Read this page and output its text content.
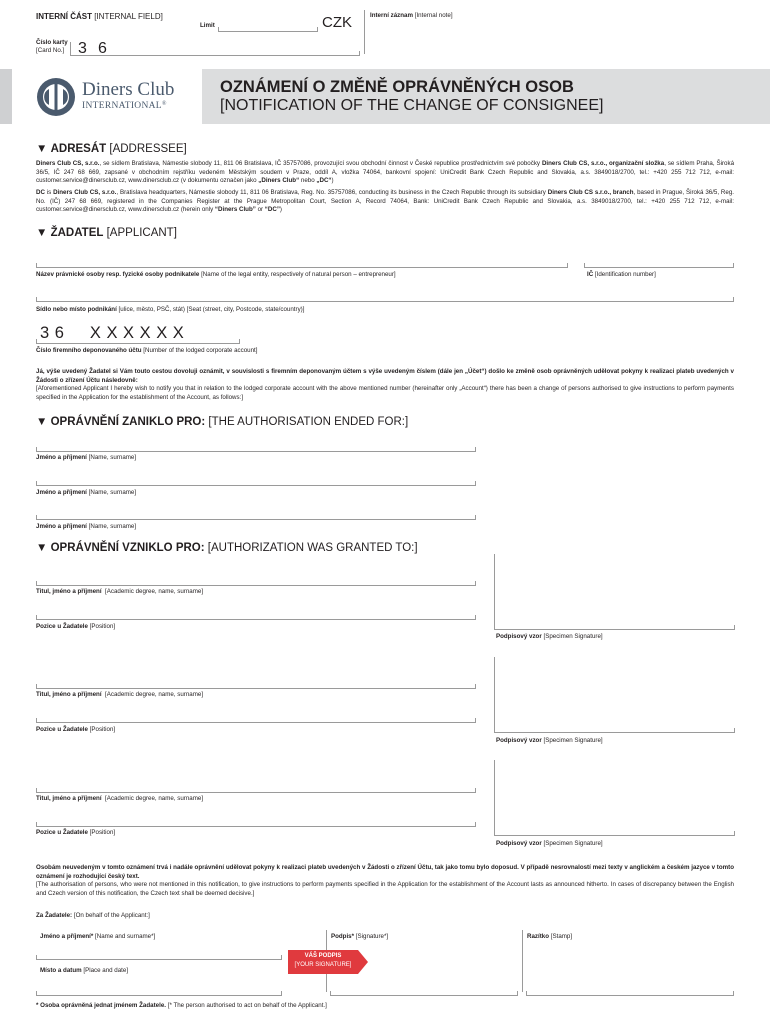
INTERNÍ ČÁST [INTERNAL FIELD]
Limit	CZK	Interní záznam [Internal note]
Číslo karty
[Card No.] 3 6
Diners Club
INTERNATIONAL®
OZNÁMENÍ O ZMĚNĚ OPRÁVNĚNÝCH OSOB
[NOTIFICATION OF THE CHANGE OF CONSIGNEE]
▼ ADRESÁT [ADDRESSEE]
Diners Club CS, s.r.o., se sídlem Bratislava, Námestie slobody 11, 811 06 Bratislava, IČ 35757086, provozující svou obchodní činnost v České republice prostřednictvím své pobočky Diners Club CS, s.r.o., organizační složka, se sídlem Praha, Široká 36/5, IČ 247 68 669, zapsané v obchodním rejstříku vedeném Městským soudem v Praze, oddíl A, vložka 74064, bankovní spojení: UniCredit Bank Czech Republic and Slovakia, a.s. 3849018/2700, tel.: +420 255 712 712, e-mail: customer.service@dinersclub.cz, www.dinersclub.cz (v dokumentu označen jako „Diners Club“ nebo „DC“)
DC is Diners Club CS, s.r.o., Bratislava headquarters, Námestie slobody 11, 811 06 Bratislava, Reg. No. 35757086, conducting its business in the Czech Republic through its subsidiary Diners Club CS s.r.o., branch, based in Prague, Široká 36/5, Reg. No. (IČ) 247 68 669, registered in the Companies Register at the Prague Metropolitan Court, Section A, Record 74064, Bank: UniCredit Bank Czech Republic and Slovakia, a.s. 3849018/2700, tel.: +420 255 712 712, e-mail: customer.service@dinersclub.cz, www.dinersclub.cz (herein only “Diners Club” or “DC”)
▼ ŽADATEL [APPLICANT]
Název právnické osoby resp. fyzické osoby podnikatele [Name of the legal entity, respectively of natural person – entrepreneur]	IČ [Identification number]
Sídlo nebo místo podnikání [ulice, město, PSČ, stát) [Seat (street, city, Postcode, state/country)]
3 6     X X X X X X
Číslo firemního deponovaného účtu [Number of the lodged corporate account]
Já, výše uvedený Žadatel si Vám touto cestou dovoluji oznámit, v souvislosti s firemním deponovaným účtem s výše uvedeným číslem (dále jen „Účet“) došlo ke změně osob oprávněných udělovat pokyny k realizaci plateb uvedených v Žádosti o zřízení Účtu následovně:
[Aforementioned Applicant I hereby wish to notify you that in relation to the lodged corporate account with the above mentioned number (hereinafter only „Account“) there has been a change of persons authorised to give instructions to perform payments specified in the Application for the establishment of the Account, as follows:]
▼ OPRÁVNĚNÍ ZANIKLO PRO: [THE AUTHORISATION ENDED FOR:]
Jméno a příjmení [Name, surname]
Jméno a příjmení [Name, surname]
Jméno a příjmení [Name, surname]
▼ OPRÁVNĚNÍ VZNIKLO PRO: [AUTHORIZATION WAS GRANTED TO:]
Titul, jméno a příjmení [Academic degree, name, surname]
Pozice u Žadatele [Position]
Podpisový vzor [Specimen Signature]
Titul, jméno a příjmení [Academic degree, name, surname]
Pozice u Žadatele [Position]
Podpisový vzor [Specimen Signature]
Titul, jméno a příjmení [Academic degree, name, surname]
Pozice u Žadatele [Position]
Podpisový vzor [Specimen Signature]
Osobám neuvedeným v tomto oznámení trvá i nadále oprávnění udělovat pokyny k realizaci plateb uvedených v Žádosti o zřízení Účtu, tak jako tomu bylo doposud. V případě nesrovnalostí mezi texty v anglickém a českém jazyce v tomto oznámení je rozhodující český text.
[The authorisation of persons, who were not mentioned in this notification, to give instructions to perform payments specified in the Application for the establishment of the Account lasts as announced hitherto. In cases of discrepancy between the English and Czech version of this notification, the Czech text shall be deemed decisive.]
Za Žadatele: [On behalf of the Applicant:]
Jméno a příjmení* [Name and surname*]	Podpis* [Signature*]	Razítko [Stamp]
Místo a datum [Place and date]
VÁŠ PODPIS
[YOUR SIGNATURE]
* Osoba oprávněná jednat jménem Žadatele. [* The person authorised to act on behalf of the Applicant.]
